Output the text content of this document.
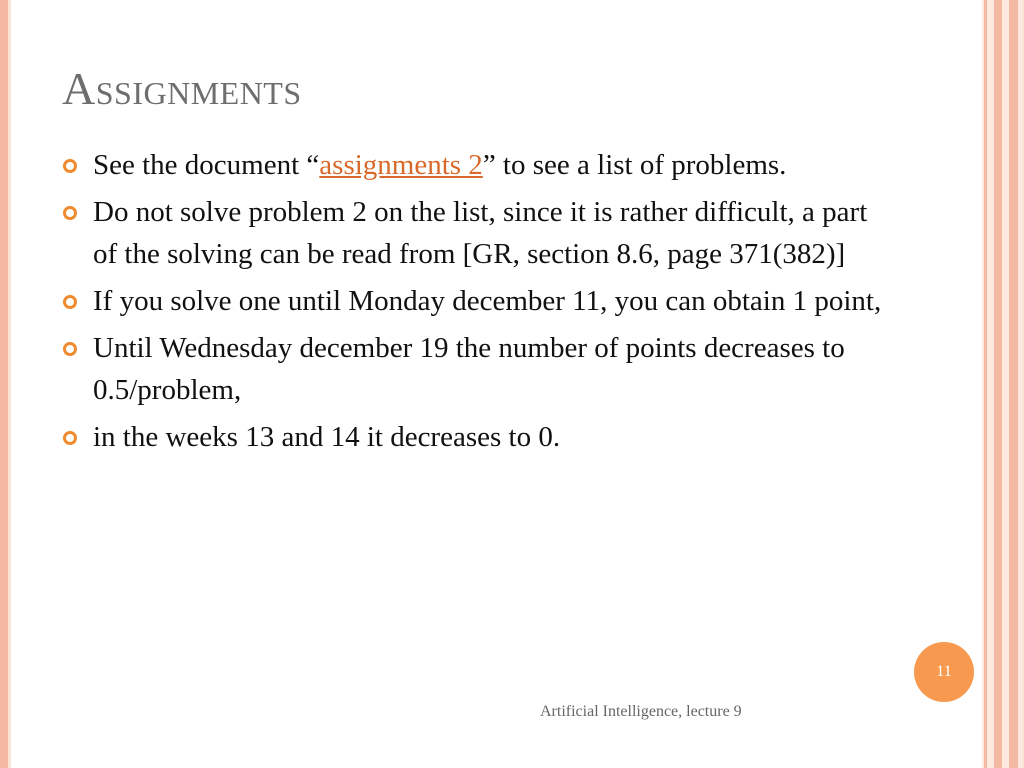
Assignments
See the document “assignments 2” to see a list of problems.
Do not solve problem 2 on the list, since it is rather difficult, a part of the solving can be read from [GR, section 8.6, page 371(382)]
If you solve one until Monday december 11, you can obtain 1 point,
Until Wednesday december 19 the number of points decreases to 0.5/problem,
in the weeks 13 and 14 it decreases to 0.
11
Artificial Intelligence, lecture 9
